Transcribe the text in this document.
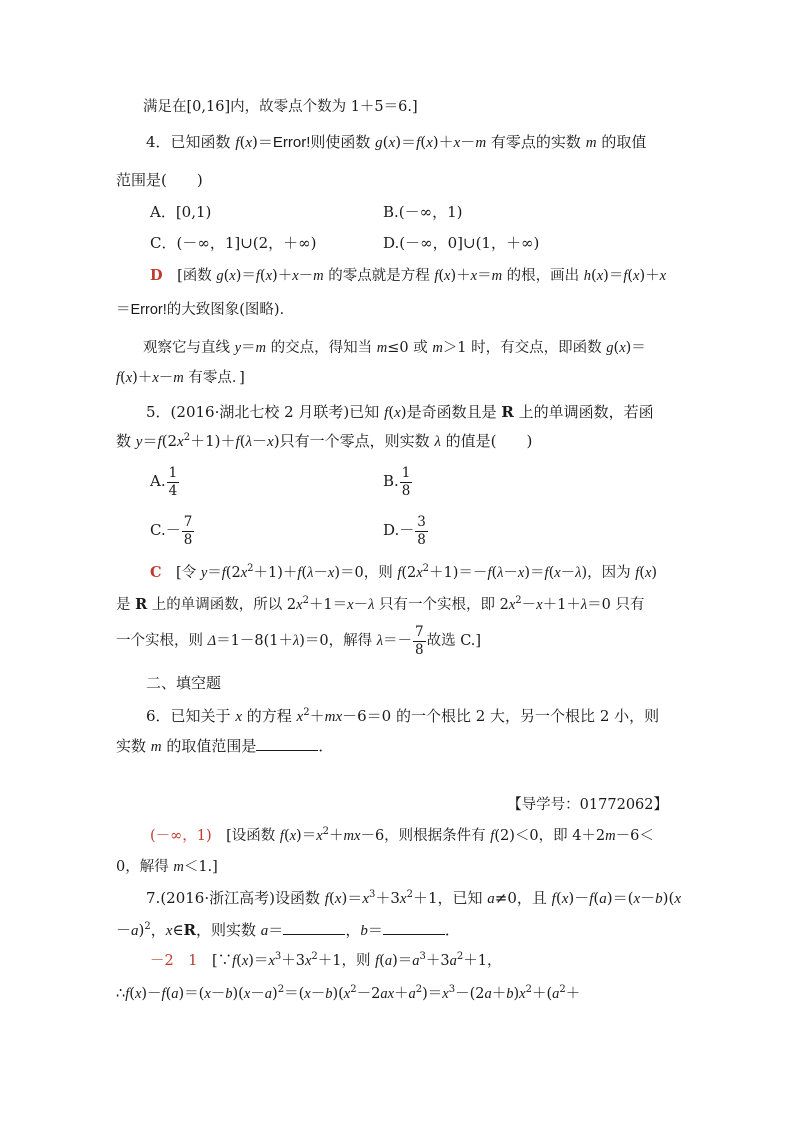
满足在[0,16]内，故零点个数为 1＋5＝6.]
4．已知函数 f(x)＝Error!则使函数 g(x)＝f(x)＋x－m 有零点的实数 m 的取值
范围是(　　)
A．[0,1)	B.(－∞，1)
C．(－∞，1]∪(2，＋∞)	D.(－∞，0]∪(1，＋∞)
D　[函数 g(x)＝f(x)＋x－m 的零点就是方程 f(x)＋x＝m 的根，画出 h(x)＝f(x)＋x
＝Error!的大致图象(图略)．
观察它与直线 y＝m 的交点，得知当 m≤0 或 m＞1 时，有交点，即函数 g(x)＝
f(x)＋x－m 有零点．]
5．(2016·湖北七校 2 月联考)已知 f(x)是奇函数且是 R 上的单调函数，若函
数 $y=f(2x^2+1)+f(\lambda-x)$只有一个零点，则实数 λ 的值是(　　)
A. $\frac{1}{4}$	B. $\frac{1}{8}$
$C.- \frac{7}{8}$	$D.- \frac{3}{8}$
C　[令 $y=f(2x^2+1)+f(\lambda-x)=0$，则 $f(2x^2+1)=-f(\lambda-x)=f(x-\lambda)$，因为 f(x)
是 R 上的单调函数，所以 $2x^2+1=x-\lambda$ 只有一个实根，即 $2x^2-x+1+\lambda=0$ 只有
一个实根，则 Δ＝1－8(1＋λ)＝0，解得 $\lambda=- \frac{7}{8}$ 故选 C.]
二、填空题
6．已知关于 x 的方程 $x^2+mx-6=0$ 的一个根比 2 大，另一个根比 2 小，则
实数 m 的取值范围是	．
【导学号：01772062】
(－∞，1)　[设函数 $f(x)=x^2+mx-6$，则根据条件有 f(2)＜0，即 4＋2m－6＜
0，解得 m＜1.]
7.(2016·浙江高考)设函数 $f(x)=x^3+3x^2+1$，已知 a≠0，且 f(x)－f(a)＝(x－b)(x
－a)$^2$，x∈R，则实数 a＝	，b＝	．
－2　1　[$\because f(x)=x^3+3x^2+1$，则 $f(a)=a^3+3a^2+1$，
$\therefore f(x)-f(a)=(x-b)(x-a)^2=(x-b)(x^2-2ax+a^2)=x^3-(2a+b)x^2+(a^2+$
